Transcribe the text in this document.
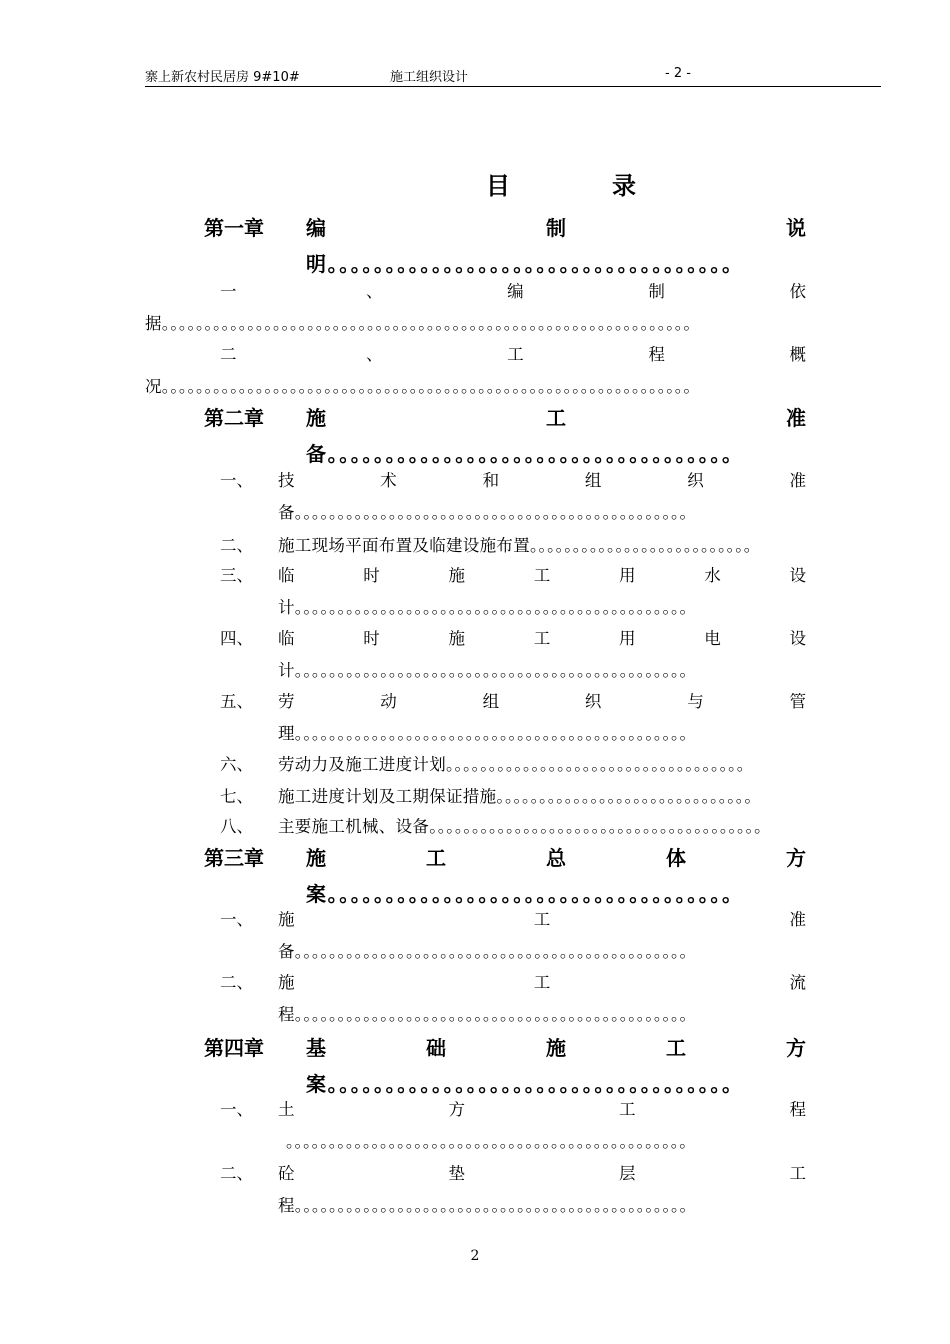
寨上新农村民居房 9#10#	施工组织设计	- 2 -
目	录
第一章 编	制	说
明。。。。。。。。。。。。。。。。。。。。。。。。。。。。。。。。。。。
一	、	编	制	依
据。。。。。。。。。。。。。。。。。。。。。。。。。。。。。。。。。。。。。。。。。。。。。。。。。。。。。。。。。。。。。。
二	、	工	程	概
况。。。。。。。。。。。。。。。。。。。。。。。。。。。。。。。。。。。。。。。。。。。。。。。。。。。。。。。。。。。。。。
第二章 施	工	准
备。。。。。。。。。。。。。。。。。。。。。。。。。。。。。。。。。。。
一、 技	术	和	组	织	准
备。。。。。。。。。。。。。。。。。。。。。。。。。。。。。。。。。。。。。。。。。。。。。。
二、 施工现场平面布置及临建设施布置。。。。。。。。。。。。。。。。。。。。。。。。。。
三、 临	时	施	工	用	水	设
计。。。。。。。。。。。。。。。。。。。。。。。。。。。。。。。。。。。。。。。。。。。。。。
四、 临	时	施	工	用	电	设
计。。。。。。。。。。。。。。。。。。。。。。。。。。。。。。。。。。。。。。。。。。。。。。
五、 劳	动	组	织	与	管
理。。。。。。。。。。。。。。。。。。。。。。。。。。。。。。。。。。。。。。。。。。。。。。
六、 劳动力及施工进度计划。。。。。。。。。。。。。。。。。。。。。。。。。。。。。。。。。。。
七、 施工进度计划及工期保证措施。。。。。。。。。。。。。。。。。。。。。。。。。。。。。。
八、 主要施工机械、设备。。。。。。。。。。。。。。。。。。。。。。。。。。。。。。。。。。。。。。。
第三章 施	工	总	体	方
案。。。。。。。。。。。。。。。。。。。。。。。。。。。。。。。。。。。
一、 施	工	准
备。。。。。。。。。。。。。。。。。。。。。。。。。。。。。。。。。。。。。。。。。。。。。。
二、 施	工	流
程。。。。。。。。。。。。。。。。。。。。。。。。。。。。。。。。。。。。。。。。。。。。。。
第四章 基	础	施	工	方
案。。。。。。。。。。。。。。。。。。。。。。。。。。。。。。。。。。。
一、 土	方	工	程
。。。。。。。。。。。。。。。。。。。。。。。。。。。。。。。。。。。。。。。。。。。。。。。
二、 砼	垫	层	工
程。。。。。。。。。。。。。。。。。。。。。。。。。。。。。。。。。。。。。。。。。。。。。。
2
